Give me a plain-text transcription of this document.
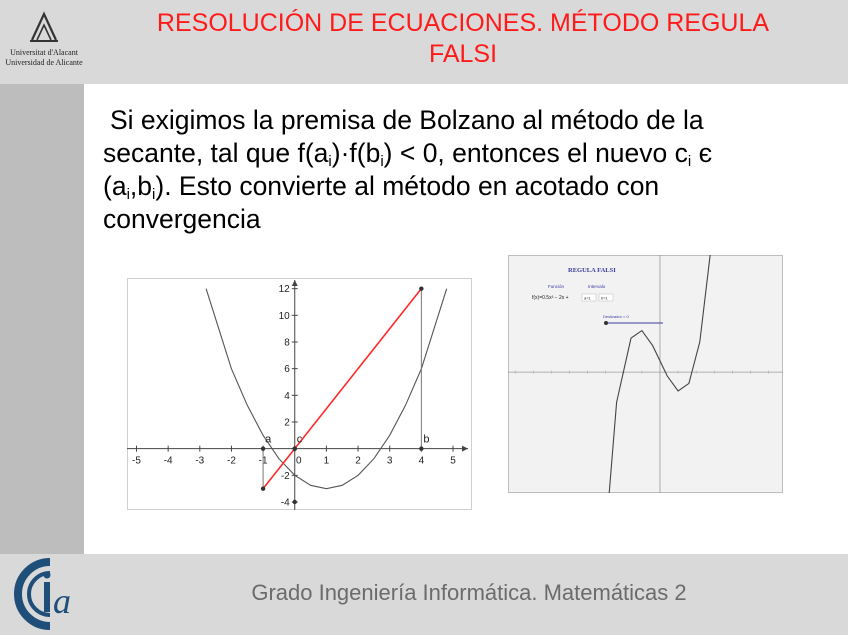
Universitat d'Alacant
Universidad de Alicante
RESOLUCIÓN DE ECUACIONES. MÉTODO REGULA
FALSI
Si exigimos la premisa de Bolzano al método de la
secante, tal que $f(a_i)\cdot f(b_i) < 0$, entonces el nuevo $c_i$ є
$(a_i,b_i)$. Esto convierte al método en acotado con
convergencia
-5 -4 -3 -2 -1	0 1	2	3	4	5
-4
-2
2
4
6
8
10
12
a	b
c
REGULA FALSI
Función	Intervalo
f(x)=0.5x³ − 2x +	a=1	b=1
Deslizador = 0
a	Grado Ingeniería Informática. Matemáticas 2
